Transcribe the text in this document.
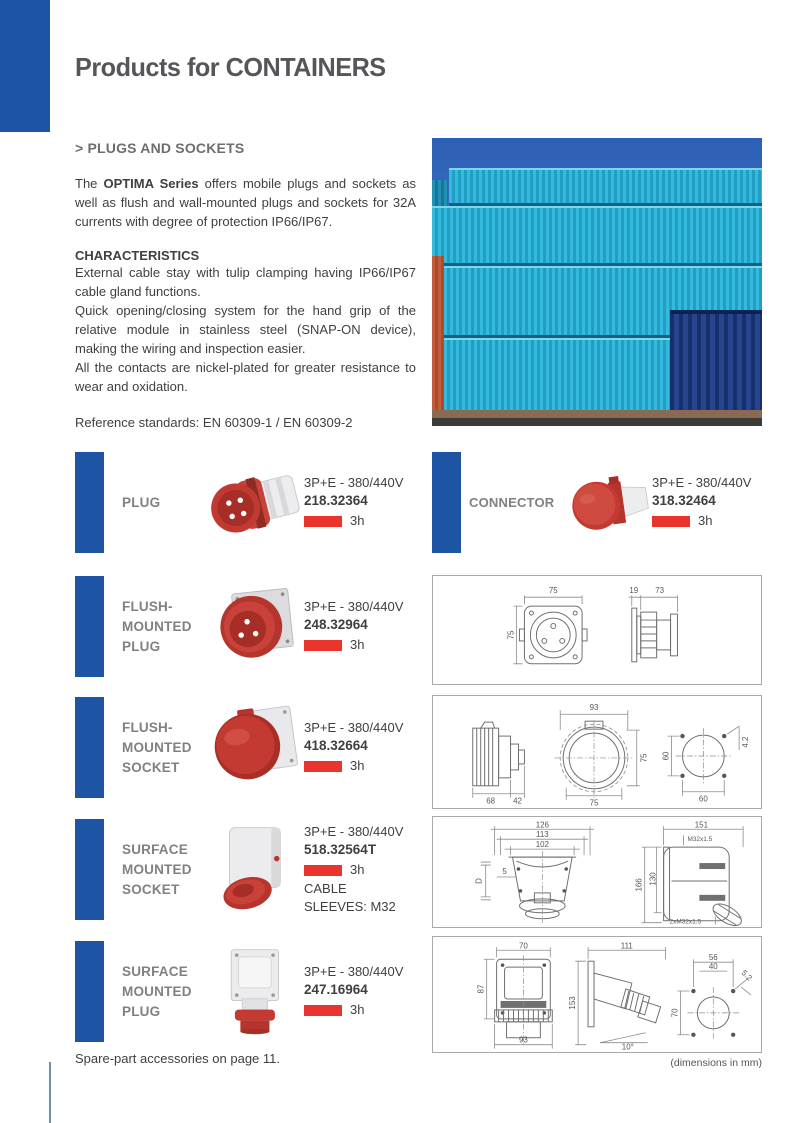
Products for CONTAINERS
> PLUGS AND SOCKETS

The OPTIMA Series offers mobile plugs and sockets as well as flush and wall-mounted plugs and sockets for 32A currents with degree of protection IP66/IP67.

CHARACTERISTICS

External cable stay with tulip clamping having IP66/IP67 cable gland functions.

Quick opening/closing system for the hand grip of the relative module in stainless steel (SNAP-ON device), making the wiring and inspection easier.

All the contacts are nickel-plated for greater resistance to wear and oxidation.

Reference standards: EN 60309-1 / EN 60309-2

PLUG
3P+E - 380/440V
218.32364
3h
CONNECTOR
3P+E - 380/440V
318.32464
3h
FLUSH-
MOUNTED
PLUG
3P+E - 380/440V
248.32964
3h
FLUSH-
MOUNTED
SOCKET
3P+E - 380/440V
418.32664
3h
SURFACE
MOUNTED
SOCKET
3P+E - 380/440V
518.32564T
3h
CABLE
SLEEVES: M32
SURFACE
MOUNTED
PLUG
3P+E - 380/440V
247.16964
3h
75
75
19 73
68 42
93
75
75
60
60
4.2
126
113
102
D
5
151
M32x1.5
166 130
2xM32x1.5
70
87
93
111
153
10°
56
40
70
5.2

Spare-part accessories on page 11.	(dimensions in mm)
